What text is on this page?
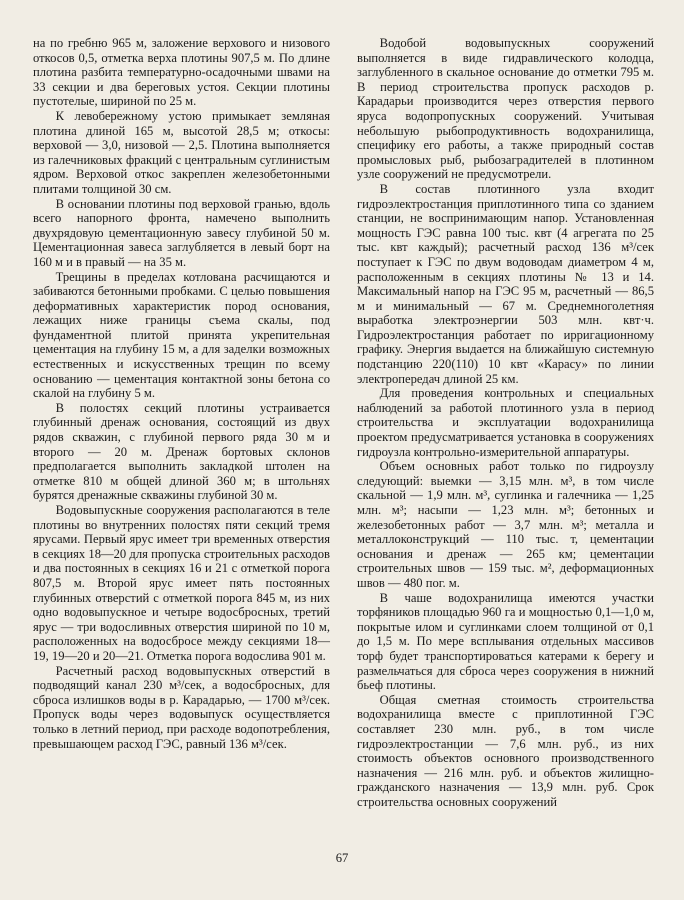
на по гребню 965 м, заложение верхового и низового откосов 0,5, отметка верха плотины 907,5 м. По длине плотина разбита температурно-осадочными швами на 33 секции и два береговых устоя. Секции плотины пустотелые, шириной по 25 м.

К левобережному устою примыкает земляная плотина длиной 165 м, высотой 28,5 м; откосы: верховой — 3,0, низовой — 2,5. Плотина выполняется из галечниковых фракций с центральным суглинистым ядром. Верховой откос закреплен железобетонными плитами толщиной 30 см.

В основании плотины под верховой гранью, вдоль всего напорного фронта, намечено выполнить двухрядовую цементационную завесу глубиной 50 м. Цементационная завеса заглубляется в левый борт на 160 м и в правый — на 35 м.

Трещины в пределах котлована расчищаются и забиваются бетонными пробками. С целью повышения деформативных характеристик пород основания, лежащих ниже границы съема скалы, под фундаментной плитой принята укрепительная цементация на глубину 15 м, а для заделки возможных естественных и искусственных трещин по всему основанию — цементация контактной зоны бетона со скалой на глубину 5 м.

В полостях секций плотины устраивается глубинный дренаж основания, состоящий из двух рядов скважин, с глубиной первого ряда 30 м и второго — 20 м. Дренаж бортовых склонов предполагается выполнить закладкой штолен на отметке 810 м общей длиной 360 м; в штольнях бурятся дренажные скважины глубиной 30 м.

Водовыпускные сооружения располагаются в теле плотины во внутренних полостях пяти секций тремя ярусами. Первый ярус имеет три временных отверстия в секциях 18—20 для пропуска строительных расходов и два постоянных в секциях 16 и 21 с отметкой порога 807,5 м. Второй ярус имеет пять постоянных глубинных отверстий с отметкой порога 845 м, из них одно водовыпускное и четыре водосбросных, третий ярус — три водосливных отверстия шириной по 10 м, расположенных на водосбросе между секциями 18—19, 19—20 и 20—21. Отметка порога водослива 901 м.

Расчетный расход водовыпускных отверстий в подводящий канал 230 м³/сек, а водосбросных, для сброса излишков воды в р. Карадарью, — 1700 м³/сек. Пропуск воды через водовыпуск осуществляется только в летний период, при расходе водопотребления, превышающем расход ГЭС, равный 136 м³/сек.

Водобой водовыпускных сооружений выполняется в виде гидравлического колодца, заглубленного в скальное основание до отметки 795 м. В период строительства пропуск расходов р. Карадарьи производится через отверстия первого яруса водопропускных сооружений. Учитывая небольшую рыбопродуктивность водохранилища, специфику его работы, а также природный состав промысловых рыб, рыбозаградителей в плотинном узле сооружений не предусмотрели.

В состав плотинного узла входит гидроэлектростанция приплотинного типа со зданием станции, не воспринимающим напор. Установленная мощность ГЭС равна 100 тыс. квт (4 агрегата по 25 тыс. квт каждый); расчетный расход 136 м³/сек поступает к ГЭС по двум водоводам диаметром 4 м, расположенным в секциях плотины № 13 и 14. Максимальный напор на ГЭС 95 м, расчетный — 86,5 м и минимальный — 67 м. Среднемноголетняя выработка электроэнергии 503 млн. квт·ч. Гидроэлектростанция работает по ирригационному графику. Энергия выдается на ближайшую системную подстанцию 220(110) 10 квт «Карасу» по линии электропередач длиной 25 км.

Для проведения контрольных и специальных наблюдений за работой плотинного узла в период строительства и эксплуатации водохранилища проектом предусматривается установка в сооружениях гидроузла контрольно-измерительной аппаратуры.

Объем основных работ только по гидроузлу следующий: выемки — 3,15 млн. м³, в том числе скальной — 1,9 млн. м³, суглинка и галечника — 1,25 млн. м³; насыпи — 1,23 млн. м³; бетонных и железобетонных работ — 3,7 млн. м³; металла и металлоконструкций — 110 тыс. т, цементации основания и дренаж — 265 км; цементации строительных швов — 159 тыс. м², деформационных швов — 480 пог. м.

В чаше водохранилища имеются участки торфяников площадью 960 га и мощностью 0,1—1,0 м, покрытые илом и суглинками слоем толщиной от 0,1 до 1,5 м. По мере всплывания отдельных массивов торф будет транспортироваться катерами к берегу и размельчаться для сброса через сооружения в нижний бьеф плотины.

Общая сметная стоимость строительства водохранилища вместе с приплотинной ГЭС составляет 230 млн. руб., в том числе гидроэлектростанции — 7,6 млн. руб., из них стоимость объектов основного производственного назначения — 216 млн. руб. и объектов жилищно-гражданского назначения — 13,9 млн. руб. Срок строительства основных сооружений

67
